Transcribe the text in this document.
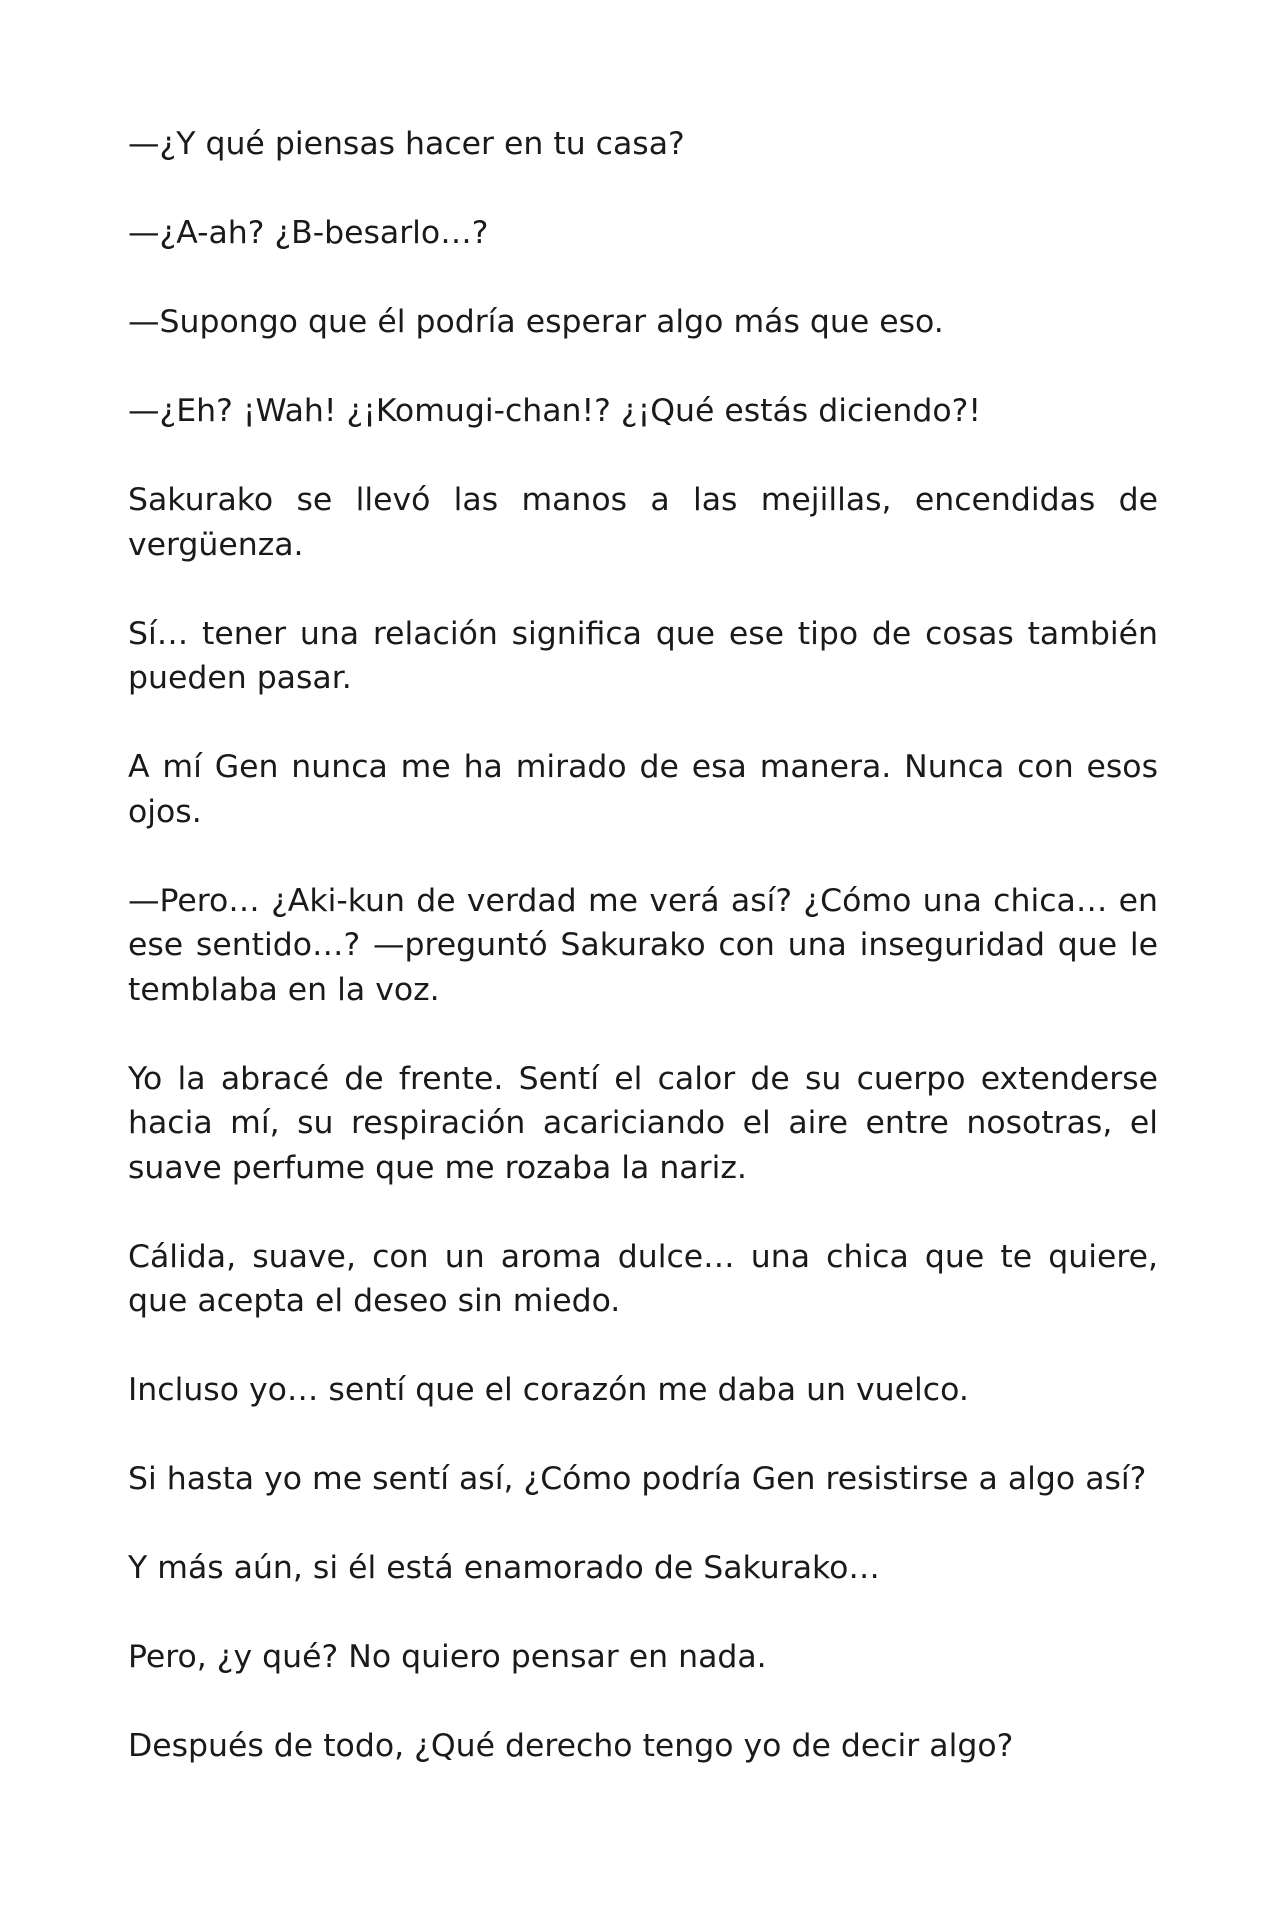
—¿Y qué piensas hacer en tu casa?

—¿A-ah? ¿B-besarlo…?

—Supongo que él podría esperar algo más que eso.

—¿Eh? ¡Wah! ¿¡Komugi-chan!? ¿¡Qué estás diciendo?!

Sakurako se llevó las manos a las mejillas, encendidas de vergüenza.

Sí… tener una relación significa que ese tipo de cosas también pueden pasar.

A mí Gen nunca me ha mirado de esa manera. Nunca con esos ojos.

—Pero… ¿Aki-kun de verdad me verá así? ¿Cómo una chica… en ese sentido…? —preguntó Sakurako con una inseguridad que le temblaba en la voz.

Yo la abracé de frente. Sentí el calor de su cuerpo extenderse hacia mí, su respiración acariciando el aire entre nosotras, el suave perfume que me rozaba la nariz.

Cálida, suave, con un aroma dulce… una chica que te quiere, que acepta el deseo sin miedo.

Incluso yo… sentí que el corazón me daba un vuelco.

Si hasta yo me sentí así, ¿Cómo podría Gen resistirse a algo así?

Y más aún, si él está enamorado de Sakurako…

Pero, ¿y qué? No quiero pensar en nada.

Después de todo, ¿Qué derecho tengo yo de decir algo?
